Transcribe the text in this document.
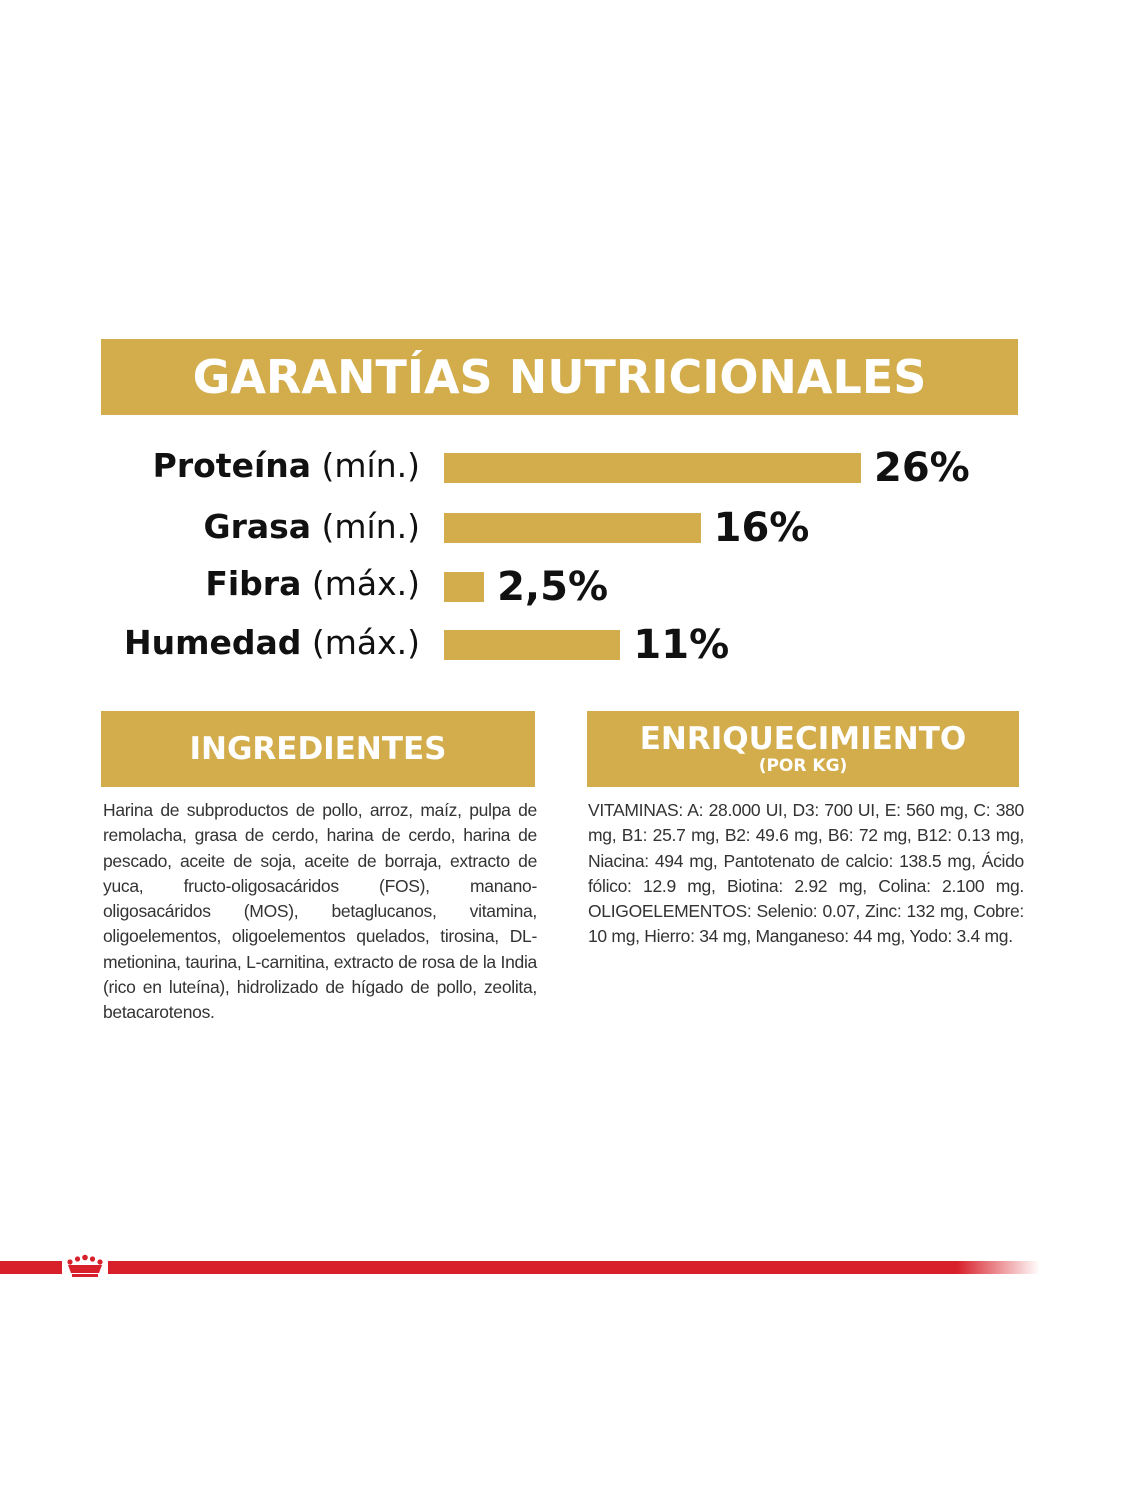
GARANTÍAS NUTRICIONALES
Proteína (mín.)	26%
Grasa (mín.)	16%
Fibra (máx.) 2,5%
Humedad (máx.)	11%
INGREDIENTES
Harina de subproductos de pollo, arroz, maíz, pulpa de remolacha, grasa de cerdo, harina de cerdo, harina de pescado, aceite de soja, aceite de borraja, extracto de yuca, fructo-oligosacáridos (FOS), manano-oligosacáridos (MOS), betaglucanos, vitamina, oligoelementos, oligoelementos quelados, tirosina, DL-metionina, taurina, L-carnitina, extracto de rosa de la India (rico en luteína), hidrolizado de hígado de pollo, zeolita, betacarotenos.
ENRIQUECIMIENTO
(POR KG)
VITAMINAS: A: 28.000 UI, D3: 700 UI, E: 560 mg, C: 380 mg, B1: 25.7 mg, B2: 49.6 mg, B6: 72 mg, B12: 0.13 mg, Niacina: 494 mg, Pantotenato de calcio: 138.5 mg, Ácido fólico: 12.9 mg, Biotina: 2.92 mg, Colina: 2.100 mg. OLIGOELEMENTOS: Selenio: 0.07, Zinc: 132 mg, Cobre: 10 mg, Hierro: 34 mg, Manganeso: 44 mg, Yodo: 3.4 mg.
